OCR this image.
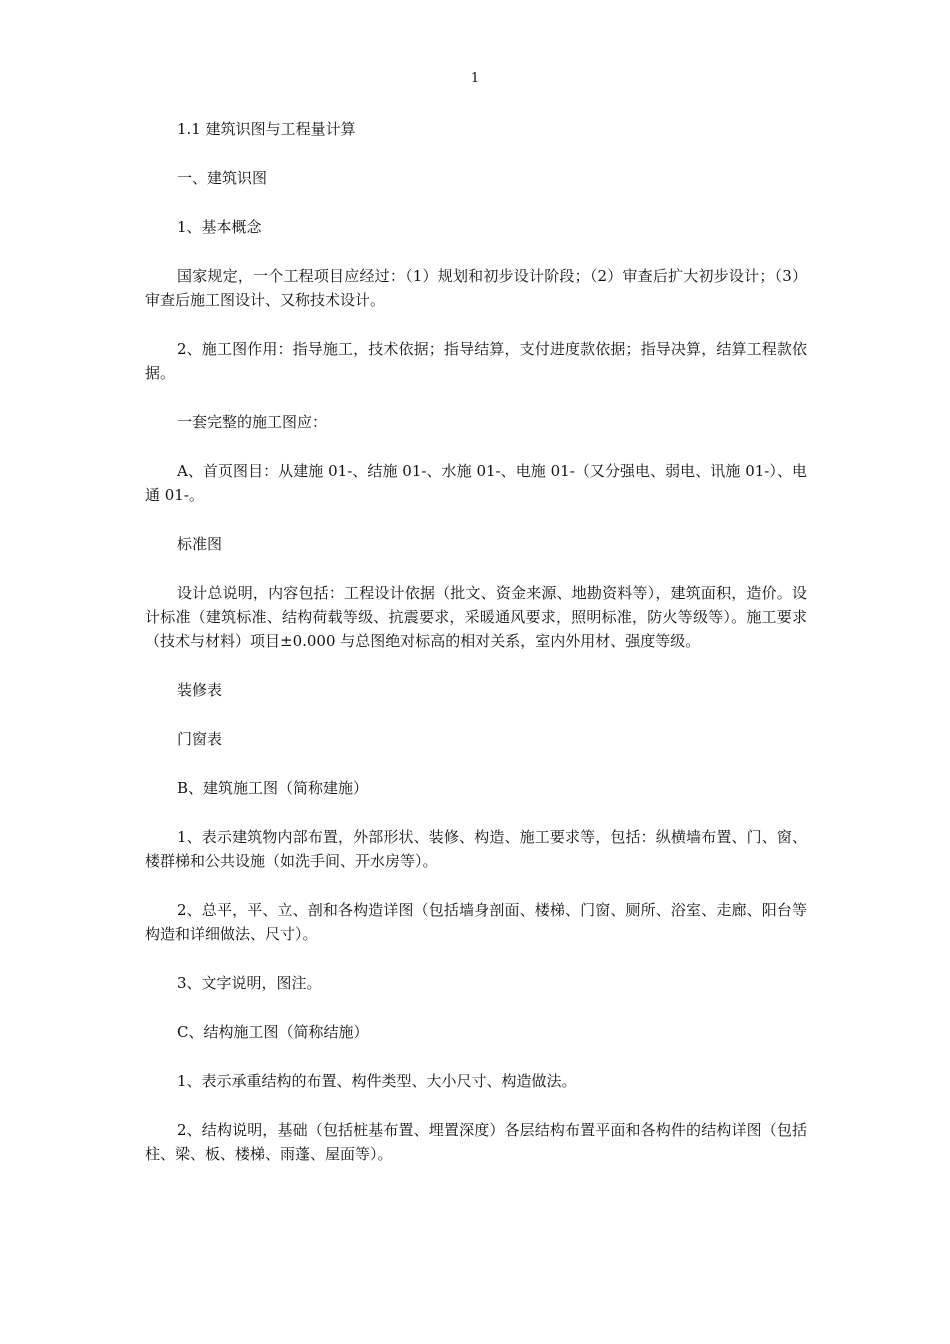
1

1.1 建筑识图与工程量计算

一、建筑识图

1、基本概念

国家规定，一个工程项目应经过：（1）规划和初步设计阶段；（2）审查后扩大初步设计；（3）审查后施工图设计、又称技术设计。

2、施工图作用：指导施工，技术依据；指导结算，支付进度款依据；指导决算，结算工程款依据。

一套完整的施工图应：

A、首页图目：从建施 01-、结施 01-、水施 01-、电施 01-（又分强电、弱电、讯施 01-）、电通 01-。

标准图

设计总说明，内容包括：工程设计依据（批文、资金来源、地勘资料等），建筑面积，造价。设计标准（建筑标准、结构荷载等级、抗震要求，采暖通风要求，照明标准，防火等级等）。施工要求（技术与材料）项目±0.000 与总图绝对标高的相对关系，室内外用材、强度等级。

装修表

门窗表

B、建筑施工图（简称建施）

1、表示建筑物内部布置，外部形状、装修、构造、施工要求等，包括：纵横墙布置、门、窗、楼群梯和公共设施（如洗手间、开水房等）。

2、总平，平、立、剖和各构造详图（包括墙身剖面、楼梯、门窗、厕所、浴室、走廊、阳台等构造和详细做法、尺寸）。

3、文字说明，图注。

C、结构施工图（简称结施）

1、表示承重结构的布置、构件类型、大小尺寸、构造做法。

2、结构说明，基础（包括桩基布置、埋置深度）各层结构布置平面和各构件的结构详图（包括柱、梁、板、楼梯、雨蓬、屋面等）。
